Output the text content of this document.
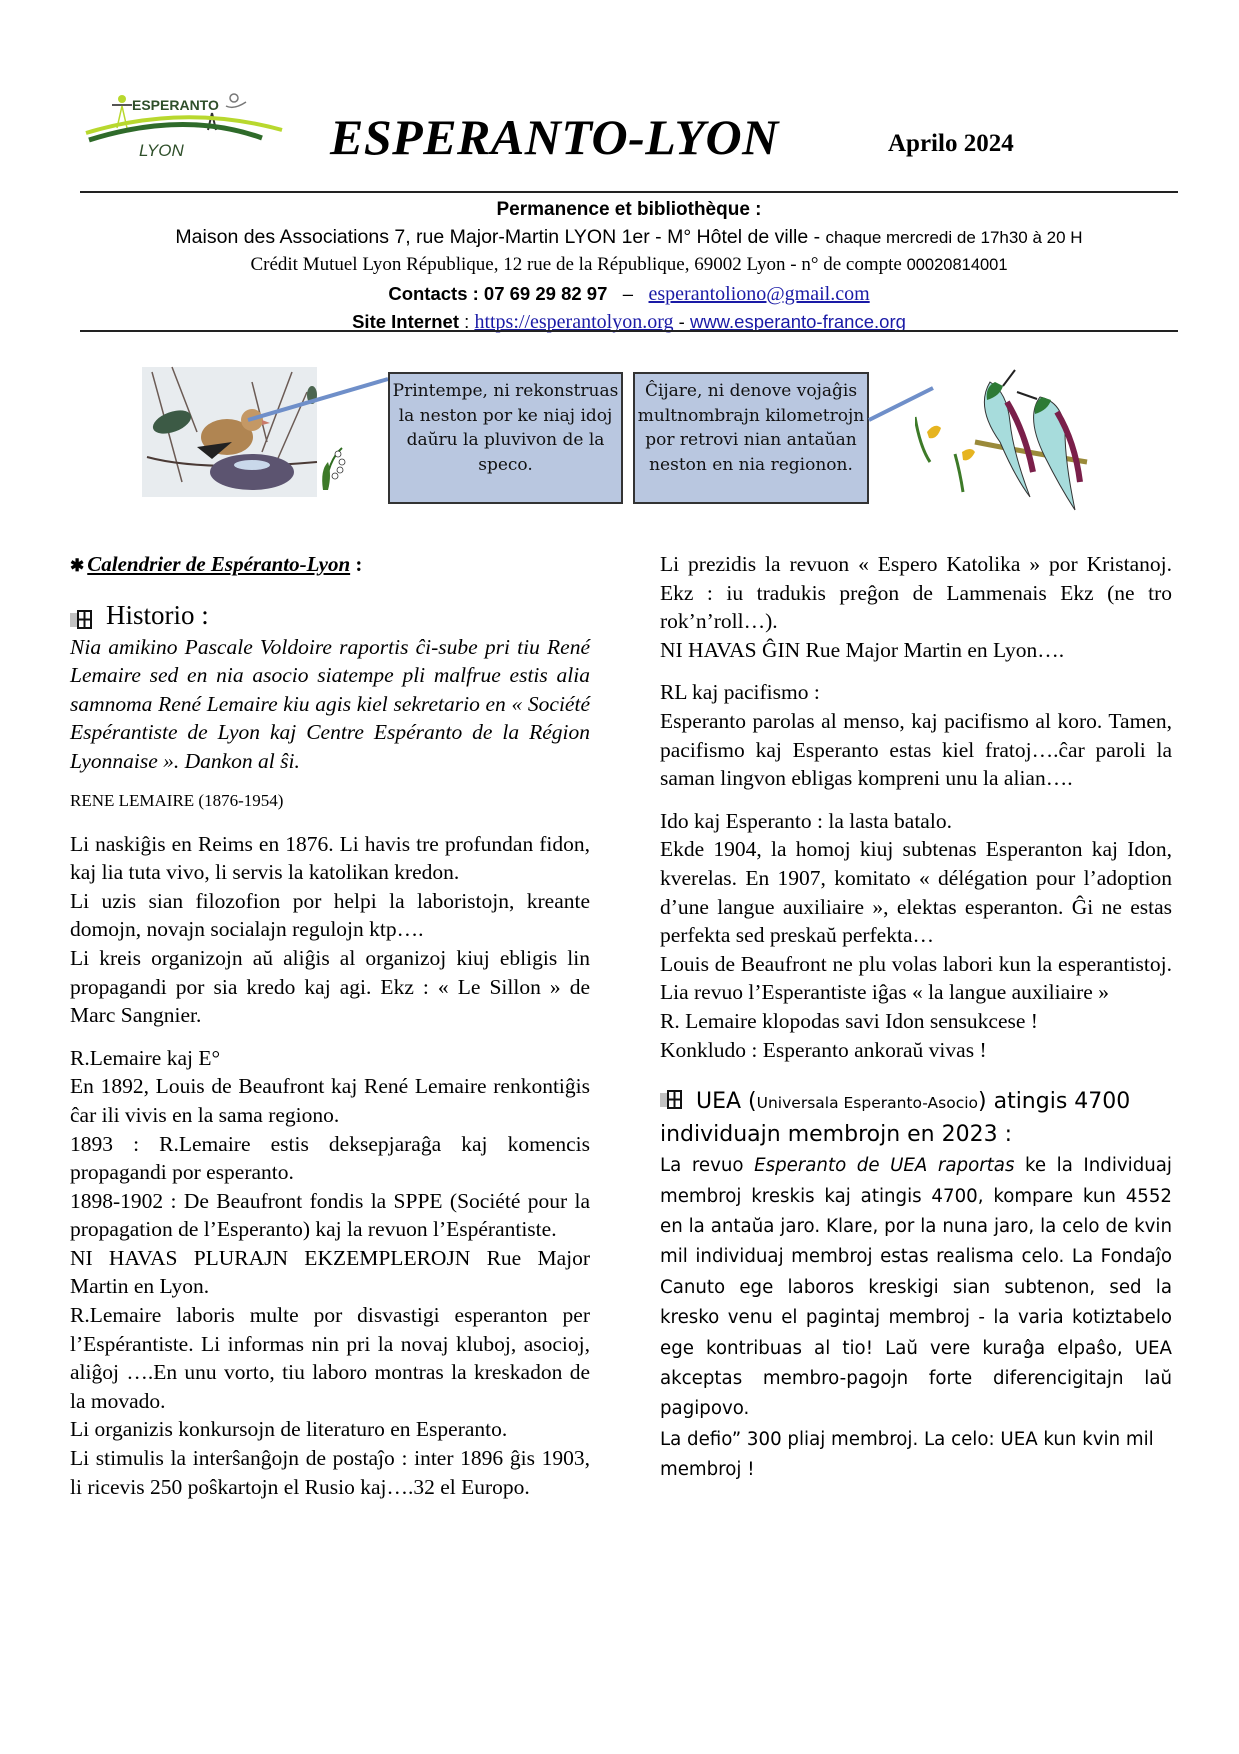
ESPERANTO
LYON	ESPERANTO-LYON	Aprilo 2024
Permanence et bibliothèque :
Maison des Associations 7, rue Major-Martin LYON 1er - M° Hôtel de ville - chaque mercredi de 17h30 à 20 H
Crédit Mutuel Lyon République, 12 rue de la République, 69002 Lyon - n° de compte 00020814001
Contacts : 07 69 29 82 97 – esperantoliono@gmail.com
Site Internet : https://esperantolyon.org - www.esperanto-france.org
Printempe, ni rekonstruas la neston por ke niaj idoj daŭru la pluvivon de la speco.
Ĉijare, ni denove vojaĝis multnombrajn kilometrojn por retrovi nian antaŭan neston en nia regionon.

✱ Calendrier de Espéranto-Lyon :

Historio :

Nia amikino Pascale Voldoire raportis ĉi-sube pri tiu René Lemaire sed en nia asocio siatempe pli malfrue estis alia samnoma René Lemaire kiu agis kiel sekretario en « Société Espérantiste de Lyon kaj Centre Espéranto de la Région Lyonnaise ». Dankon al ŝi.

RENE LEMAIRE (1876-1954)

Li naskiĝis en Reims en 1876. Li havis tre profundan fidon, kaj lia tuta vivo, li servis la katolikan kredon.

Li uzis sian filozofion por helpi la laboristojn, kreante domojn, novajn socialajn regulojn ktp….

Li kreis organizojn aŭ aliĝis al organizoj kiuj ebligis lin propagandi por sia kredo kaj agi. Ekz : « Le Sillon » de Marc Sangnier.

R.Lemaire kaj E°

En 1892, Louis de Beaufront kaj René Lemaire renkontiĝis ĉar ili vivis en la sama regiono.

1893 : R.Lemaire estis deksepjaraĝa kaj komencis propagandi por esperanto.

1898-1902 : De Beaufront fondis la SPPE (Société pour la propagation de l’Esperanto) kaj la revuon l’Espérantiste.

NI HAVAS PLURAJN EKZEMPLEROJN Rue Major Martin en Lyon.

R.Lemaire laboris multe por disvastigi esperanton per l’Espérantiste. Li informas nin pri la novaj kluboj, asocioj, aliĝoj ….En unu vorto, tiu laboro montras la kreskadon de la movado.

Li organizis konkursojn de literaturo en Esperanto.

Li stimulis la interŝanĝojn de postaĵo : inter 1896 ĝis 1903, li ricevis 250 poŝkartojn el Rusio kaj….32 el Europo.

Li prezidis la revuon « Espero Katolika » por Kristanoj. Ekz : iu tradukis preĝon de Lammenais Ekz (ne tro rok’n’roll…).

NI HAVAS ĜIN Rue Major Martin en Lyon….

RL kaj pacifismo :

Esperanto parolas al menso, kaj pacifismo al koro. Tamen, pacifismo kaj Esperanto estas kiel fratoj….ĉar paroli la saman lingvon ebligas kompreni unu la alian….

Ido kaj Esperanto : la lasta batalo.

Ekde 1904, la homoj kiuj subtenas Esperanton kaj Idon, kverelas. En 1907, komitato « délégation pour l’adoption d’une langue auxiliaire », elektas esperanton. Ĝi ne estas perfekta sed preskaŭ perfekta…

Louis de Beaufront ne plu volas labori kun la esperantistoj. Lia revuo l’Esperantiste iĝas « la langue auxiliaire »

R. Lemaire klopodas savi Idon sensukcese !

Konkludo : Esperanto ankoraŭ vivas !

UEA (Universala Esperanto-Asocio) atingis 4700 individuajn membrojn en 2023 :

La revuo Esperanto de UEA raportas ke la Individuaj membroj kreskis kaj atingis 4700, kompare kun 4552 en la antaŭa jaro. Klare, por la nuna jaro, la celo de kvin mil individuaj membroj estas realisma celo. La Fondaĵo Canuto ege laboros kreskigi sian subtenon, sed la kresko venu el pagintaj membroj - la varia kotiztabelo ege kontribuas al tio! Laŭ vere kuraĝa elpaŝo, UEA akceptas membro-pagojn forte diferencigitajn laŭ pagipovo.

La defio” 300 pliaj membroj. La celo: UEA kun kvin mil membroj !
